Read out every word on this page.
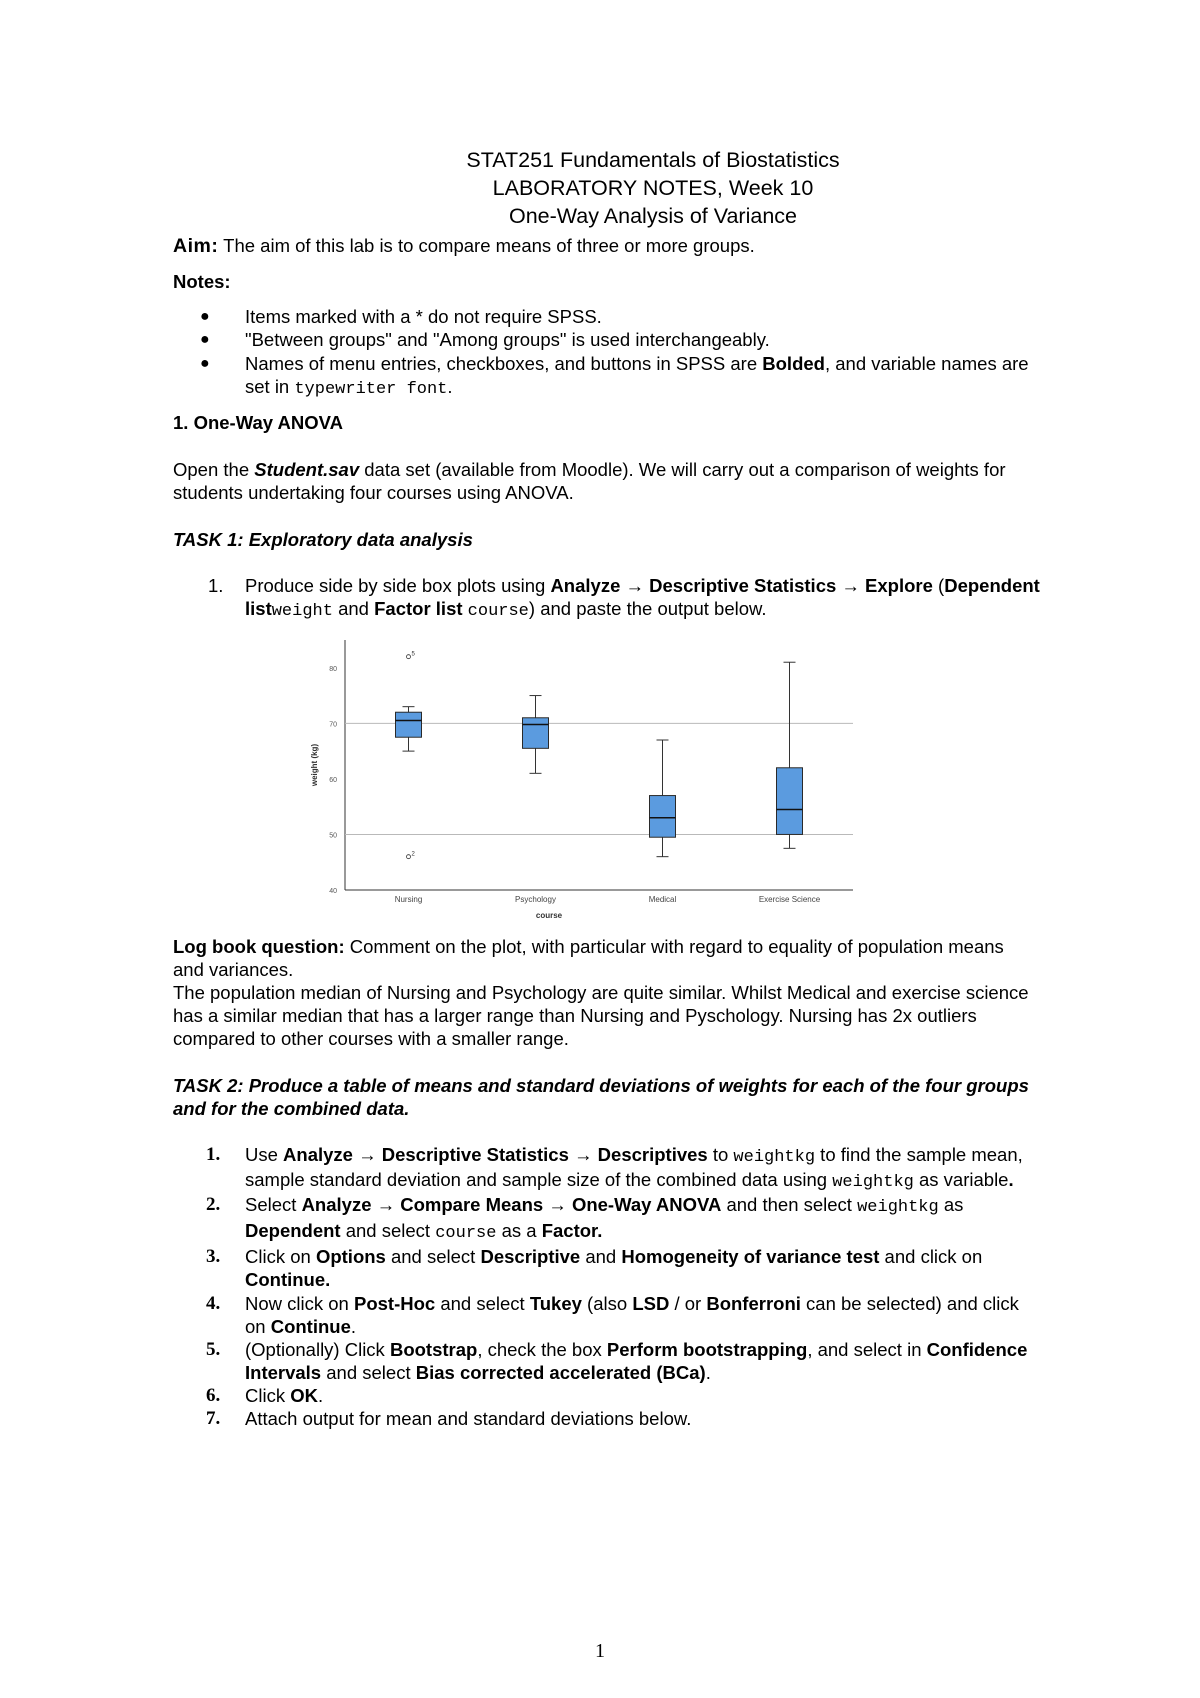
STAT251 Fundamentals of Biostatistics
LABORATORY NOTES, Week 10
One-Way Analysis of Variance
Aim: The aim of this lab is to compare means of three or more groups.
Notes:
● Items marked with a * do not require SPSS.
● "Between groups" and "Among groups" is used interchangeably.
● Names of menu entries, checkboxes, and buttons in SPSS are Bolded, and variable names are
set in typewriter font.
1. One-Way ANOVA
Open the Student.sav data set (available from Moodle). We will carry out a comparison of weights for
students undertaking four courses using ANOVA.
TASK 1: Exploratory data analysis
1. Produce side by side box plots using Analyze → Descriptive Statistics → Explore (Dependent
listweight and Factor list course) and paste the output below.
40
50
60
70
80
weight (kg)
Nursing	Psychology	Medical	Exercise Science
course
5
2
Log book question: Comment on the plot, with particular with regard to equality of population means
and variances.
The population median of Nursing and Psychology are quite similar. Whilst Medical and exercise science
has a similar median that has a larger range than Nursing and Pyschology. Nursing has 2x outliers
compared to other courses with a smaller range.
TASK 2: Produce a table of means and standard deviations of weights for each of the four groups
and for the combined data.
1. Use Analyze → Descriptive Statistics → Descriptives to weightkg to find the sample mean,
sample standard deviation and sample size of the combined data using weightkg as variable.
2. Select Analyze → Compare Means → One-Way ANOVA and then select weightkg as
Dependent and select course as a Factor.
3. Click on Options and select Descriptive and Homogeneity of variance test and click on
Continue.
4. Now click on Post-Hoc and select Tukey (also LSD / or Bonferroni can be selected) and click
on Continue.
5. (Optionally) Click Bootstrap, check the box Perform bootstrapping, and select in Confidence
Intervals and select Bias corrected accelerated (BCa).
6. Click OK.
7. Attach output for mean and standard deviations below.
1
